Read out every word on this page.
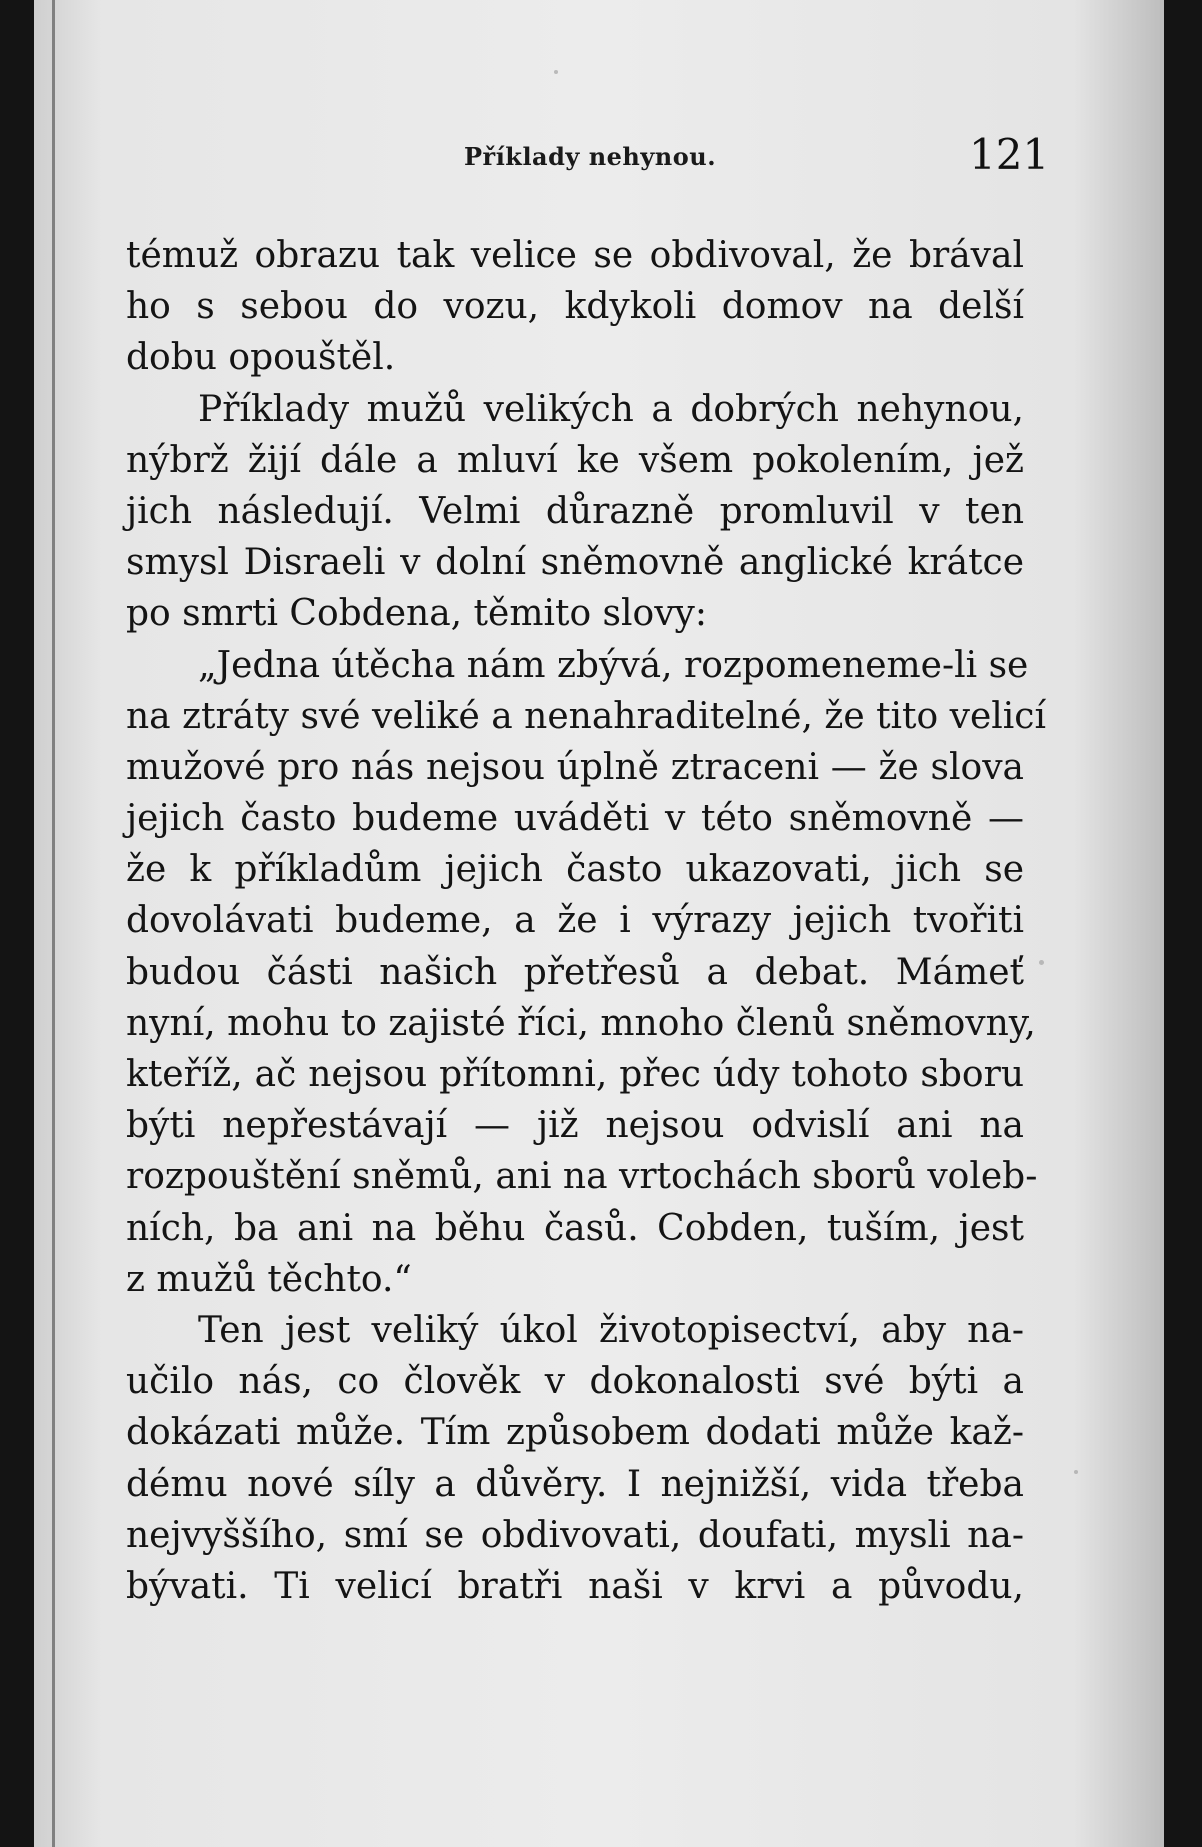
Příklady nehynou.	121
témuž obrazu tak velice se obdivoval, že brával
ho s sebou do vozu, kdykoli domov na delší
dobu opouštěl.
Příklady mužů velikých a dobrých nehynou,
nýbrž žijí dále a mluví ke všem pokolením, jež
jich následují. Velmi důrazně promluvil v ten
smysl Disraeli v dolní sněmovně anglické krátce
po smrti Cobdena, těmito slovy:
„Jedna útěcha nám zbývá, rozpomeneme-li se
na ztráty své veliké a nenahraditelné, že tito velicí
mužové pro nás nejsou úplně ztraceni — že slova
jejich často budeme uváděti v této sněmovně —
že k příkladům jejich často ukazovati, jich se
dovolávati budeme, a že i výrazy jejich tvořiti
budou části našich přetřesů a debat. Mámeť
nyní, mohu to zajisté říci, mnoho členů sněmovny,
kteříž, ač nejsou přítomni, přec údy tohoto sboru
býti nepřestávají — již nejsou odvislí ani na
rozpouštění sněmů, ani na vrtochách sborů voleb-
ních, ba ani na běhu časů. Cobden, tuším, jest
z mužů těchto.“
Ten jest veliký úkol životopisectví, aby na-
učilo nás, co člověk v dokonalosti své býti a
dokázati může. Tím způsobem dodati může kaž-
dému nové síly a důvěry. I nejnižší, vida třeba
nejvyššího, smí se obdivovati, doufati, mysli na-
bývati. Ti velicí bratři naši v krvi a původu,
